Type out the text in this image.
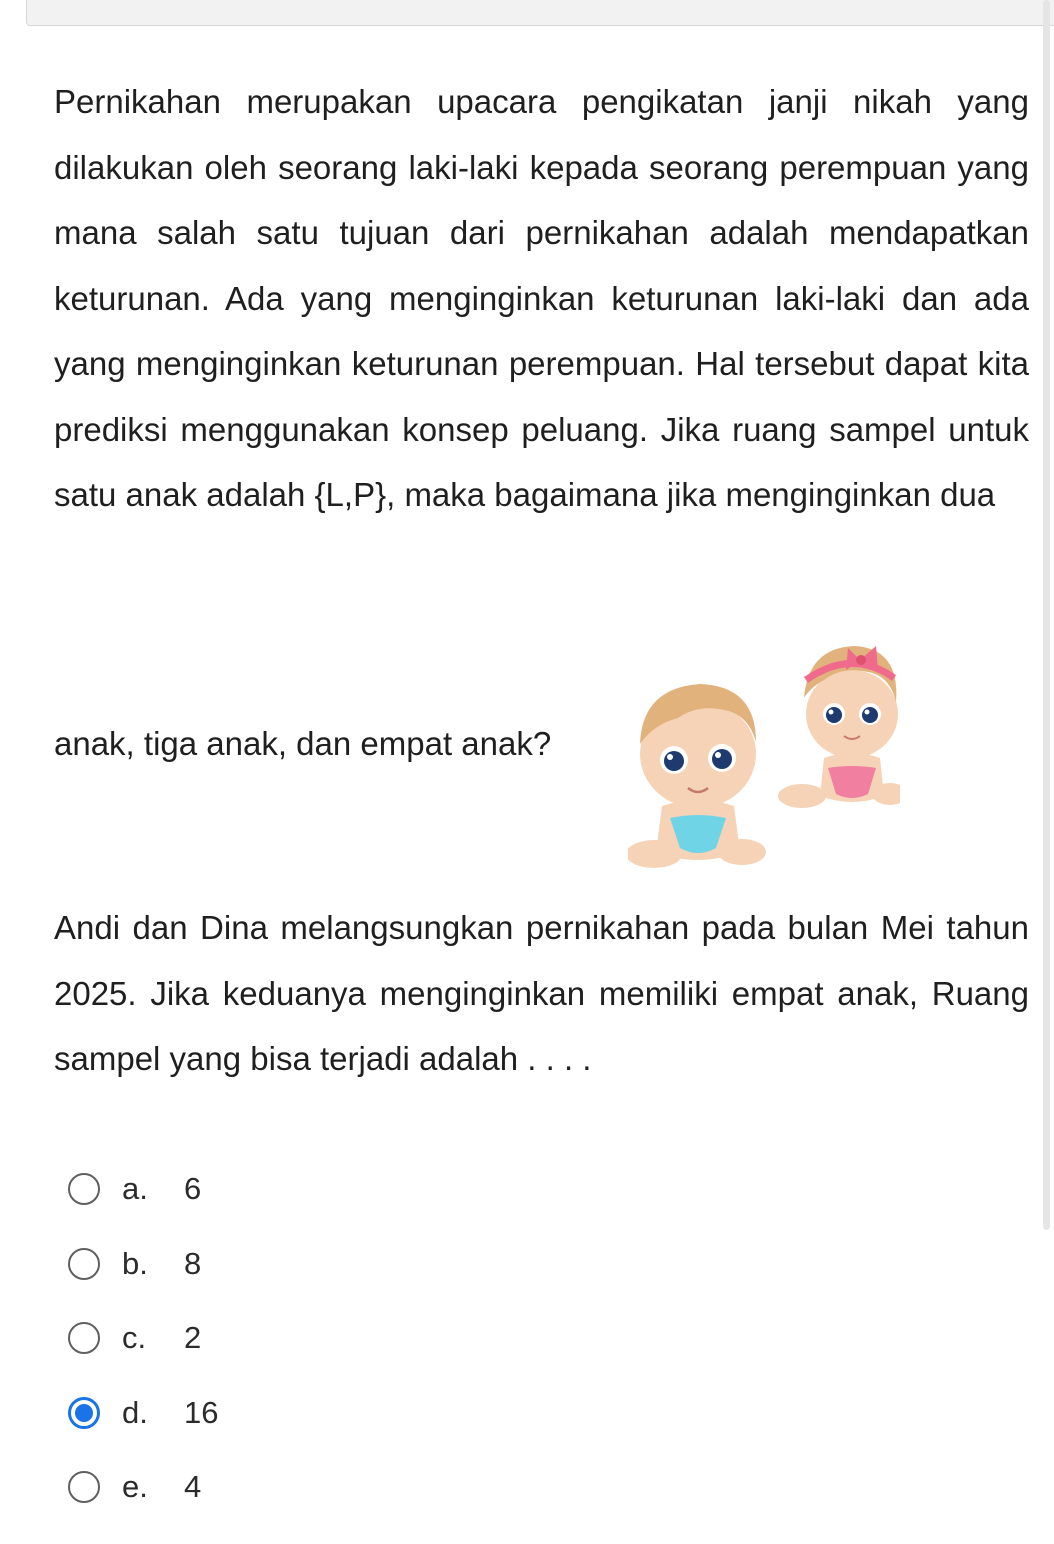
Pernikahan merupakan upacara pengikatan janji nikah yang dilakukan oleh seorang laki-laki kepada seorang perempuan yang mana salah satu tujuan dari pernikahan adalah mendapatkan keturunan. Ada yang menginginkan keturunan laki-laki dan ada yang menginginkan keturunan perempuan. Hal tersebut dapat kita prediksi menggunakan konsep peluang. Jika ruang sampel untuk satu anak adalah {L,P}, maka bagaimana jika menginginkan dua

anak, tiga anak, dan empat anak?

Andi dan Dina melangsungkan pernikahan pada bulan Mei tahun 2025. Jika keduanya menginginkan memiliki empat anak, Ruang sampel yang bisa terjadi adalah . . . .

a.	6
b.	8
c.	2
d.	16
e.	4
